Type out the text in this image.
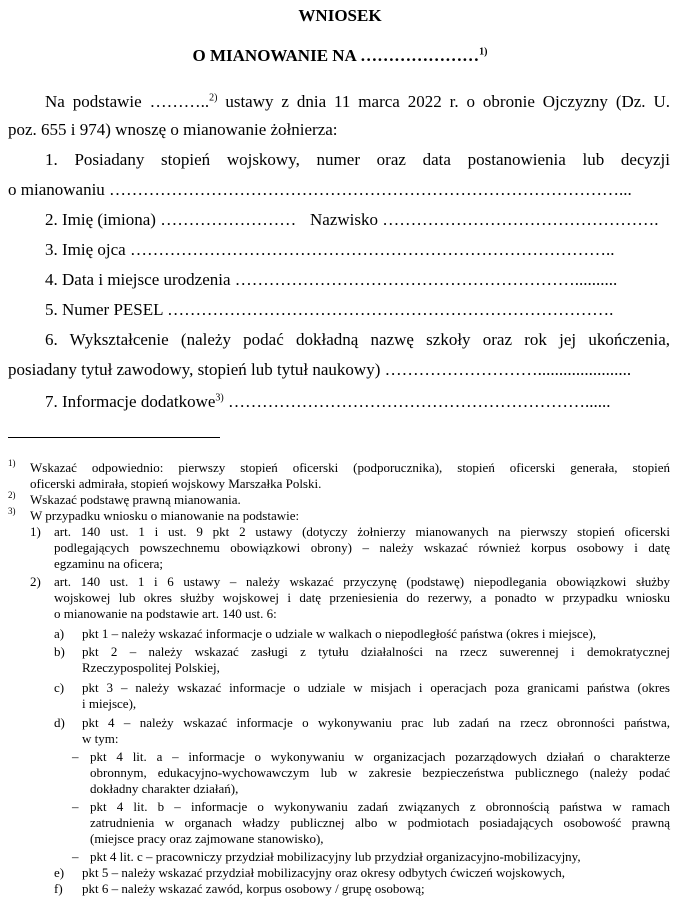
WNIOSEK
O MIANOWANIE NA …………………$^{1)}$
Na podstawie ………..$^{2)}$ ustawy z dnia 11 marca 2022 r. o obronie Ojczyzny (Dz. U.
poz. 655 i 974) wnoszę o mianowanie żołnierza:
1. Posiadany stopień wojskowy, numer oraz data postanowienia lub decyzji
o mianowaniu ………………………………………………………………………………...
2. Imię (imiona) …………………… Nazwisko ………………………………………….
3. Imię ojca …………………………………………………………………………..
4. Data i miejsce urodzenia ……………………………………………………..........
5. Numer PESEL …………………………………………………………………….
6. Wykształcenie (należy podać dokładną nazwę szkoły oraz rok jej ukończenia,
posiadany tytuł zawodowy, stopień lub tytuł naukowy) ………………………......................
7. Informacje dodatkowe$^{3)}$ ………………………………………………………......
1) Wskazać odpowiednio: pierwszy stopień oficerski (podporucznika), stopień oficerski generała, stopień
oficerski admirała, stopień wojskowy Marszałka Polski.
2) Wskazać podstawę prawną mianowania.
3) W przypadku wniosku o mianowanie na podstawie:
1) art. 140 ust. 1 i ust. 9 pkt 2 ustawy (dotyczy żołnierzy mianowanych na pierwszy stopień oficerski
podlegających powszechnemu obowiązkowi obrony) – należy wskazać również korpus osobowy i datę
egzaminu na oficera;
2) art. 140 ust. 1 i 6 ustawy – należy wskazać przyczynę (podstawę) niepodlegania obowiązkowi służby
wojskowej lub okres służby wojskowej i datę przeniesienia do rezerwy, a ponadto w przypadku wniosku
o mianowanie na podstawie art. 140 ust. 6:
a) pkt 1 – należy wskazać informacje o udziale w walkach o niepodległość państwa (okres i miejsce),
b) pkt 2 – należy wskazać zasługi z tytułu działalności na rzecz suwerennej i demokratycznej
Rzeczypospolitej Polskiej,
c) pkt 3 – należy wskazać informacje o udziale w misjach i operacjach poza granicami państwa (okres
i miejsce),
d) pkt 4 – należy wskazać informacje o wykonywaniu prac lub zadań na rzecz obronności państwa,
w tym:
– pkt 4 lit. a – informacje o wykonywaniu w organizacjach pozarządowych działań o charakterze
obronnym, edukacyjno-wychowawczym lub w zakresie bezpieczeństwa publicznego (należy podać
dokładny charakter działań),
– pkt 4 lit. b – informacje o wykonywaniu zadań związanych z obronnością państwa w ramach
zatrudnienia w organach władzy publicznej albo w podmiotach posiadających osobowość prawną
(miejsce pracy oraz zajmowane stanowisko),
– pkt 4 lit. c – pracowniczy przydział mobilizacyjny lub przydział organizacyjno-mobilizacyjny,
e) pkt 5 – należy wskazać przydział mobilizacyjny oraz okresy odbytych ćwiczeń wojskowych,
f) pkt 6 – należy wskazać zawód, korpus osobowy / grupę osobową;
